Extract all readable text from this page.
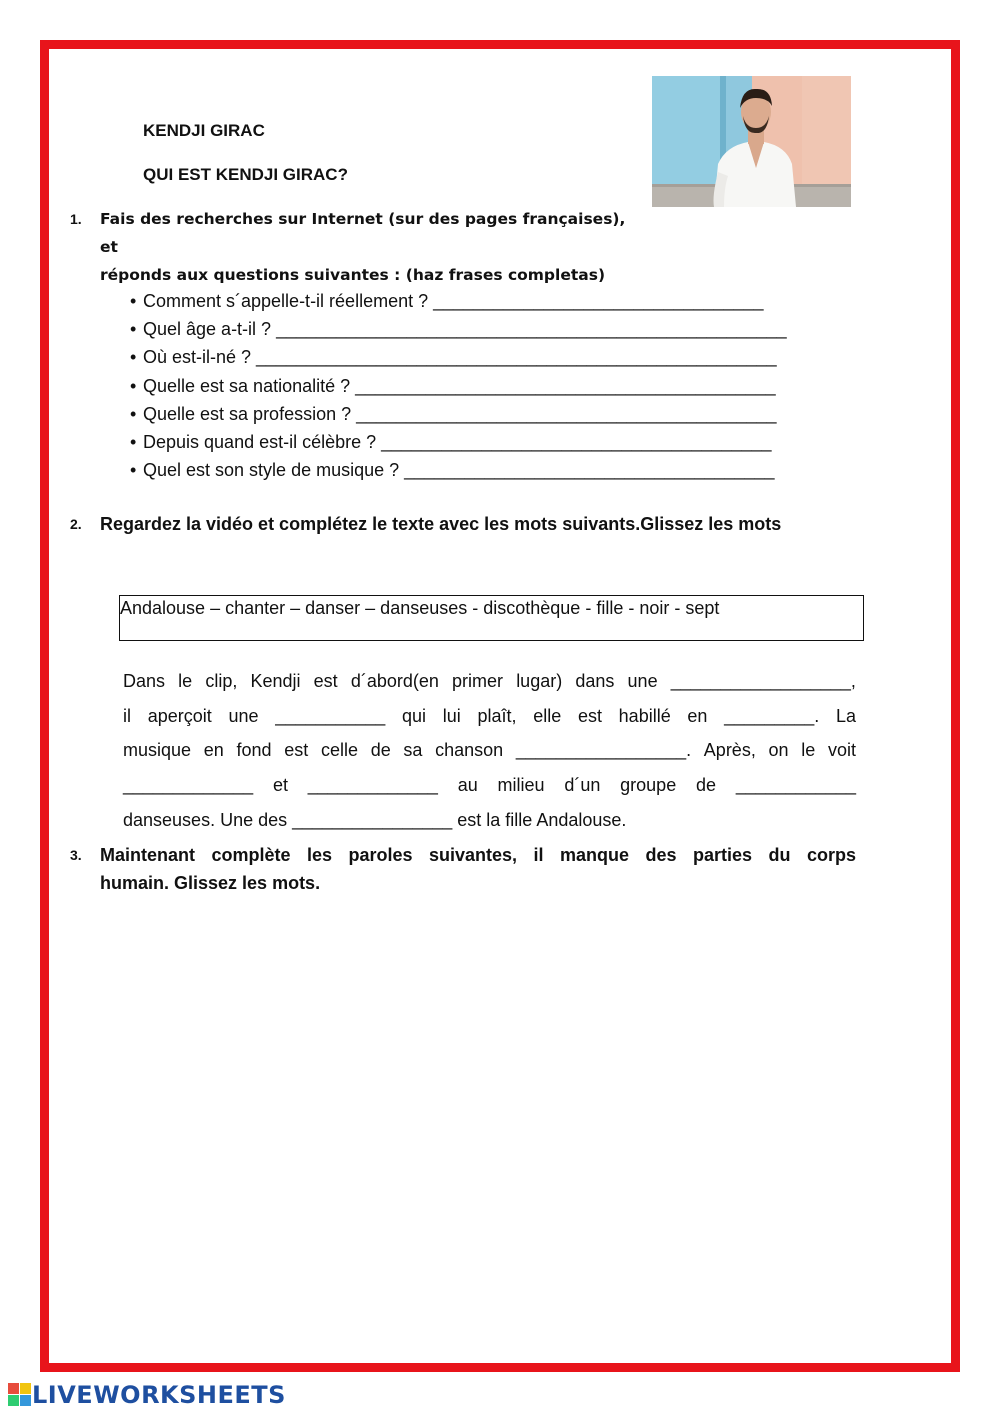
KENDJI GIRAC
QUI EST KENDJI GIRAC?
1. Fais des recherches sur Internet (sur des pages françaises), et
réponds aux questions suivantes : (haz frases completas)
• Comment s´appelle-t-il réellement ? _________________________________
• Quel âge a-t-il ? ___________________________________________________
• Où est-il-né ? ____________________________________________________
• Quelle est sa nationalité ? __________________________________________
• Quelle est sa profession ? __________________________________________
• Depuis quand est-il célèbre ? _______________________________________
• Quel est son style de musique ? _____________________________________
2. Regardez la vidéo et complétez le texte avec les mots suivants.Glissez les mots
Andalouse – chanter – danser – danseuses - discothèque - fille - noir - sept
Dans le clip, Kendji est d´abord(en primer lugar) dans une __________________,
il aperçoit une ___________ qui lui plaît, elle est habillé en _________. La
musique en fond est celle de sa chanson _________________. Après, on le voit
_____________ et _____________ au milieu d´un groupe de ____________
danseuses. Une des ________________ est la fille Andalouse.
3. Maintenant complète les paroles suivantes, il manque des parties du corps
humain. Glissez les mots.
LIVEWORKSHEETS
